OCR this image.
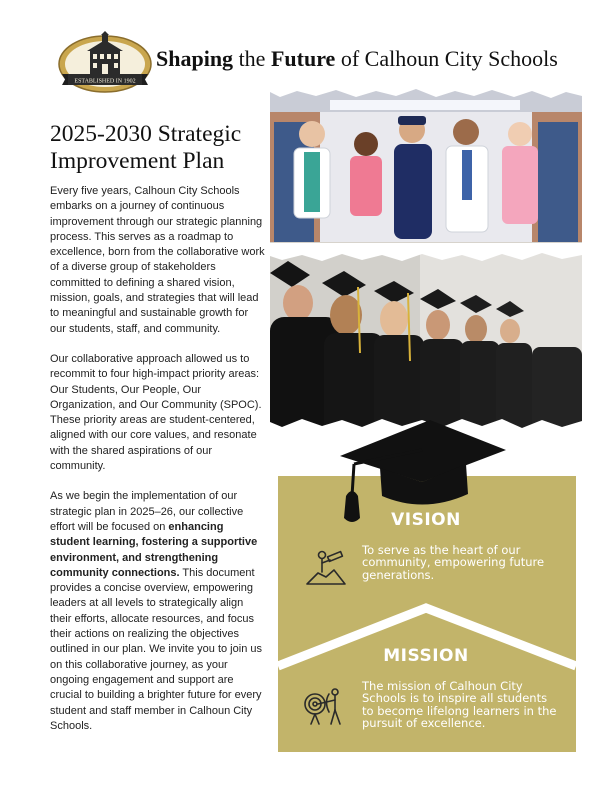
ESTABLISHED IN 1902
Shaping the Future of Calhoun City Schools
2025-2030 Strategic Improvement Plan

Every five years, Calhoun City Schools embarks on a journey of continuous improvement through our strategic planning process. This serves as a roadmap to excellence, born from the collaborative work of a diverse group of stakeholders committed to defining a shared vision, mission, goals, and strategies that will lead to meaningful and sustainable growth for our students, staff, and community.

Our collaborative approach allowed us to recommit to four high-impact priority areas: Our Students, Our People, Our Organization, and Our Community (SPOC). These priority areas are student-centered, aligned with our core values, and resonate with the shared aspirations of our community.

As we begin the implementation of our strategic plan in 2025–26, our collective effort will be focused on enhancing student learning, fostering a supportive environment, and strengthening community connections. This document provides a concise overview, empowering leaders at all levels to strategically align their efforts, allocate resources, and focus their actions on realizing the objectives outlined in our plan. We invite you to join us on this collaborative journey, as your ongoing engagement and support are crucial to building a brighter future for every student and staff member in Calhoun City Schools.

VISION

To serve as the heart of our community, empowering future generations.

MISSION

The mission of Calhoun City Schools is to inspire all students to become lifelong learners in the pursuit of excellence.
